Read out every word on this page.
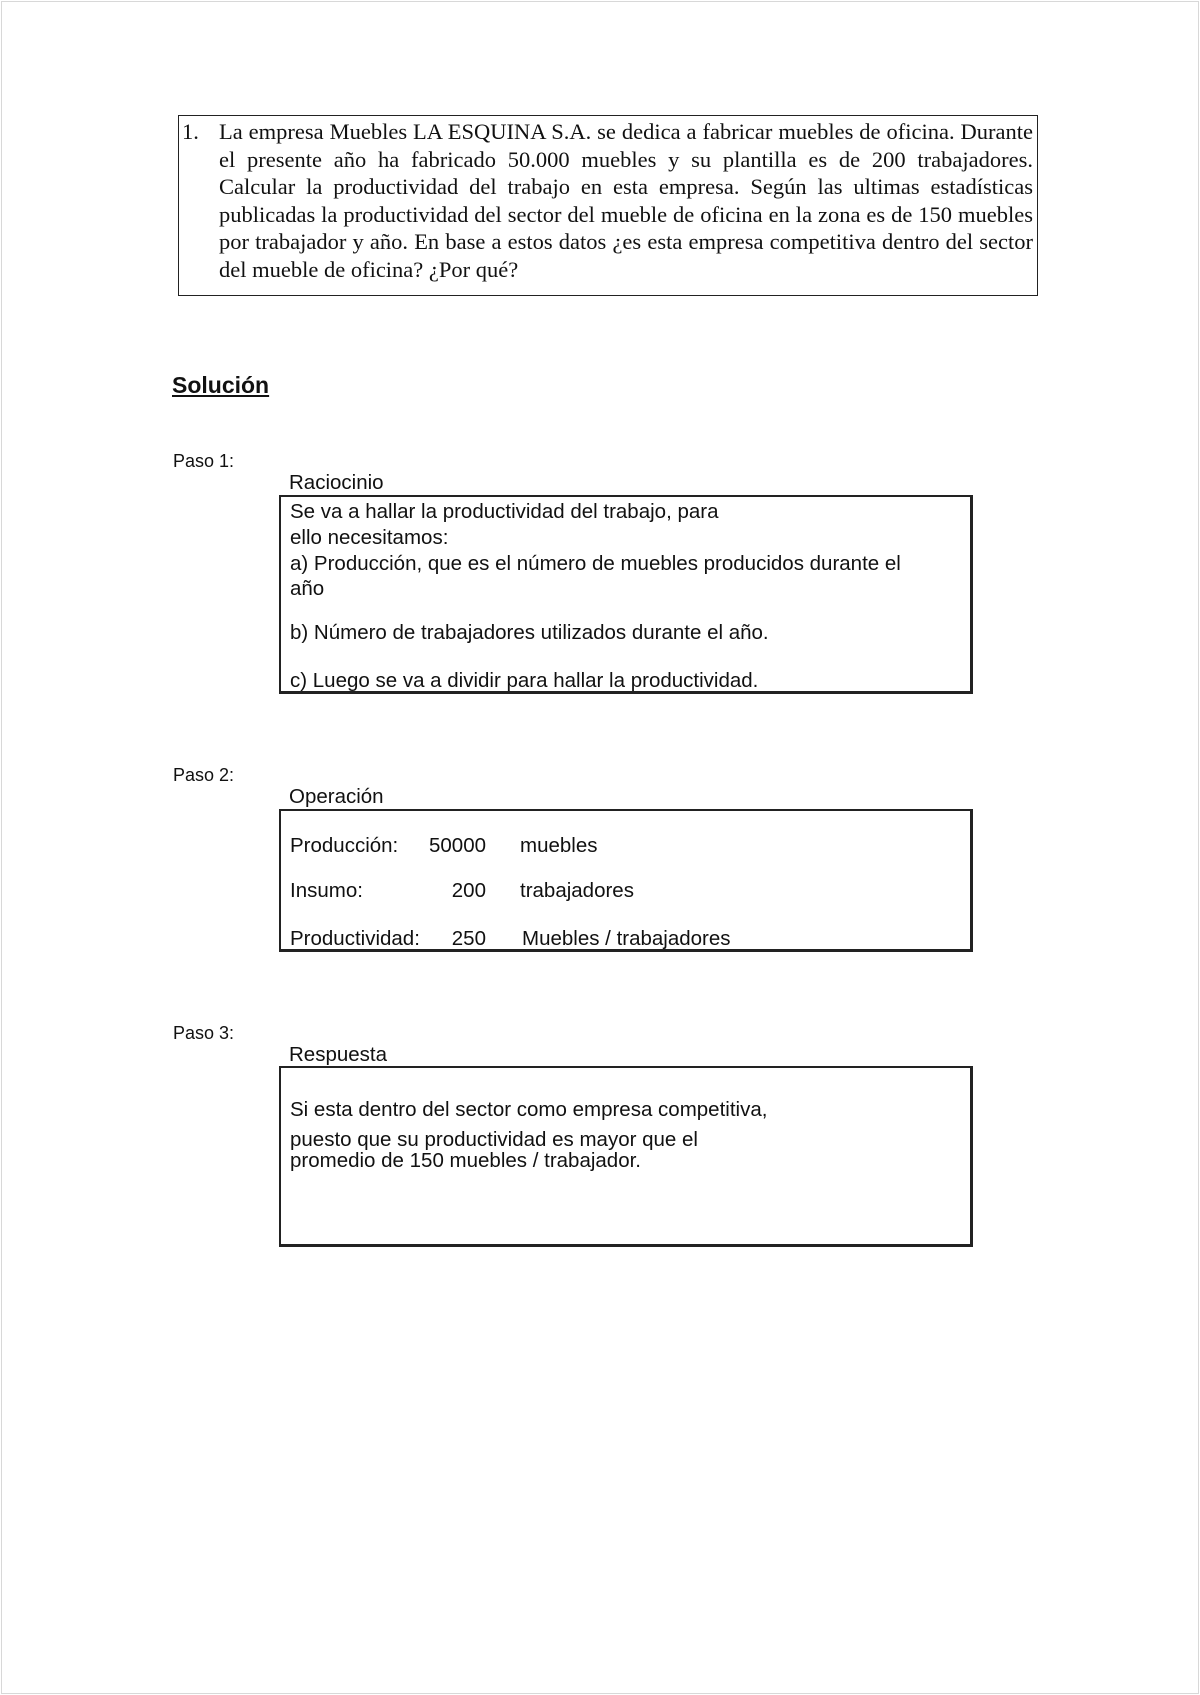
1. La empresa Muebles LA ESQUINA S.A. se dedica a fabricar muebles de oficina. Durante el presente año ha fabricado 50.000 muebles y su plantilla es de 200 trabajadores. Calcular la productividad del trabajo en esta empresa. Según las ultimas estadísticas publicadas la productividad del sector del mueble de oficina en la zona es de 150 muebles por trabajador y año. En base a estos datos ¿es esta empresa competitiva dentro del sector del mueble de oficina? ¿Por qué?
Solución
Paso 1:
Raciocinio
Se va a hallar la productividad del trabajo, para
ello necesitamos:
a) Producción, que es el número de muebles producidos durante el
año
b) Número de trabajadores utilizados durante el año.
c) Luego se va a dividir para hallar la productividad.
Paso 2:
Operación
Producción:	50000 muebles
Insumo:	200 trabajadores
Productividad:	250 Muebles / trabajadores
Paso 3:
Respuesta
Si esta dentro del sector como empresa competitiva,
puesto que su productividad es mayor que el
promedio de 150 muebles / trabajador.
